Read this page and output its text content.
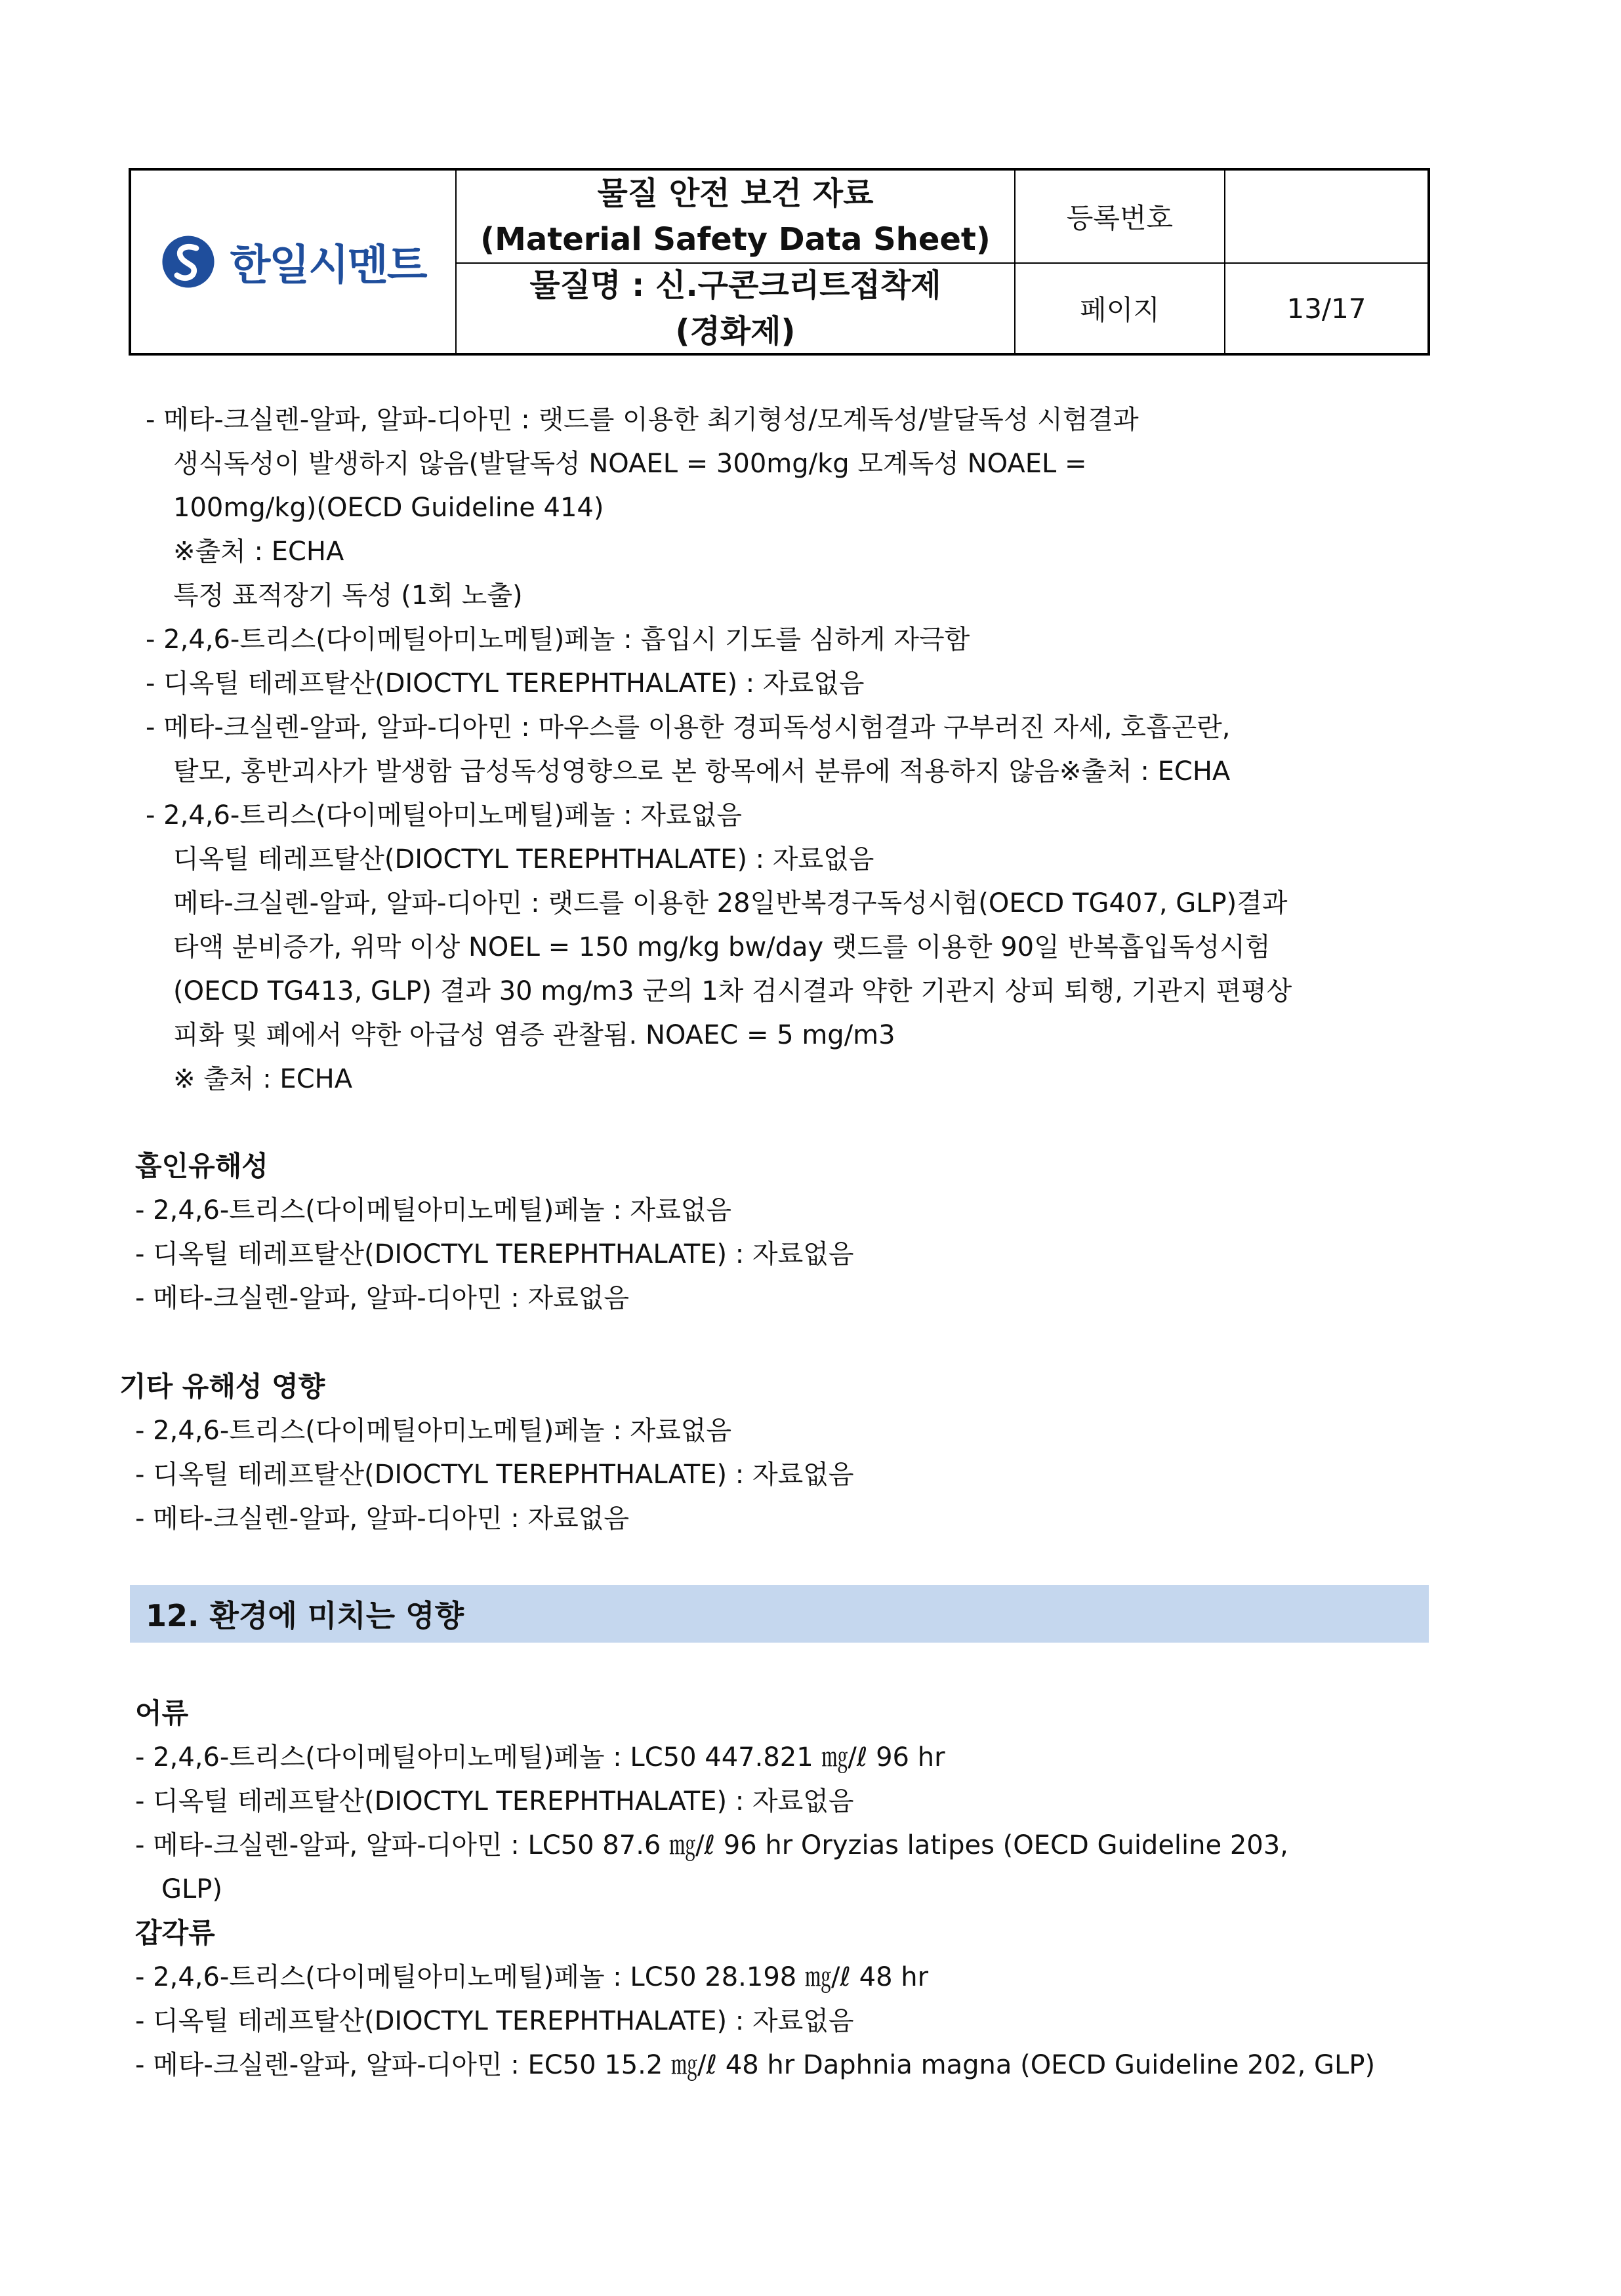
한일시멘트
물질 안전 보건 자료
(Material Safety Data Sheet)
물질명 : 신.구콘크리트접착제
(경화제)
등록번호
페이지	13/17
- 메타-크실렌-알파, 알파-디아민 : 랫드를 이용한 최기형성/모계독성/발달독성 시험결과
생식독성이 발생하지 않음(발달독성 NOAEL = 300mg/kg 모계독성 NOAEL =
100mg/kg)(OECD Guideline 414)
※출처 : ECHA
특정 표적장기 독성 (1회 노출)
- 2,4,6-트리스(다이메틸아미노메틸)페놀 : 흡입시 기도를 심하게 자극함
- 디옥틸 테레프탈산(DIOCTYL TEREPHTHALATE) : 자료없음
- 메타-크실렌-알파, 알파-디아민 : 마우스를 이용한 경피독성시험결과 구부러진 자세, 호흡곤란,
탈모, 홍반괴사가 발생함 급성독성영향으로 본 항목에서 분류에 적용하지 않음※출처 : ECHA
- 2,4,6-트리스(다이메틸아미노메틸)페놀 : 자료없음
디옥틸 테레프탈산(DIOCTYL TEREPHTHALATE) : 자료없음
메타-크실렌-알파, 알파-디아민 : 랫드를 이용한 28일반복경구독성시험(OECD TG407, GLP)결과
타액 분비증가, 위막 이상 NOEL = 150 mg/kg bw/day 랫드를 이용한 90일 반복흡입독성시험
(OECD TG413, GLP) 결과 30 mg/m3 군의 1차 검시결과 약한 기관지 상피 퇴행, 기관지 편평상
피화 및 폐에서 약한 아급성 염증 관찰됨. NOAEC = 5 mg/m3
※ 출처 : ECHA
흡인유해성
- 2,4,6-트리스(다이메틸아미노메틸)페놀 : 자료없음
- 디옥틸 테레프탈산(DIOCTYL TEREPHTHALATE) : 자료없음
- 메타-크실렌-알파, 알파-디아민 : 자료없음
기타 유해성 영향
- 2,4,6-트리스(다이메틸아미노메틸)페놀 : 자료없음
- 디옥틸 테레프탈산(DIOCTYL TEREPHTHALATE) : 자료없음
- 메타-크실렌-알파, 알파-디아민 : 자료없음
12. 환경에 미치는 영향
어류
- 2,4,6-트리스(다이메틸아미노메틸)페놀 : LC50 447.821 ㎎/ℓ 96 hr
- 디옥틸 테레프탈산(DIOCTYL TEREPHTHALATE) : 자료없음
- 메타-크실렌-알파, 알파-디아민 : LC50 87.6 ㎎/ℓ 96 hr Oryzias latipes (OECD Guideline 203,
GLP)
갑각류
- 2,4,6-트리스(다이메틸아미노메틸)페놀 : LC50 28.198 ㎎/ℓ 48 hr
- 디옥틸 테레프탈산(DIOCTYL TEREPHTHALATE) : 자료없음
- 메타-크실렌-알파, 알파-디아민 : EC50 15.2 ㎎/ℓ 48 hr Daphnia magna (OECD Guideline 202, GLP)
